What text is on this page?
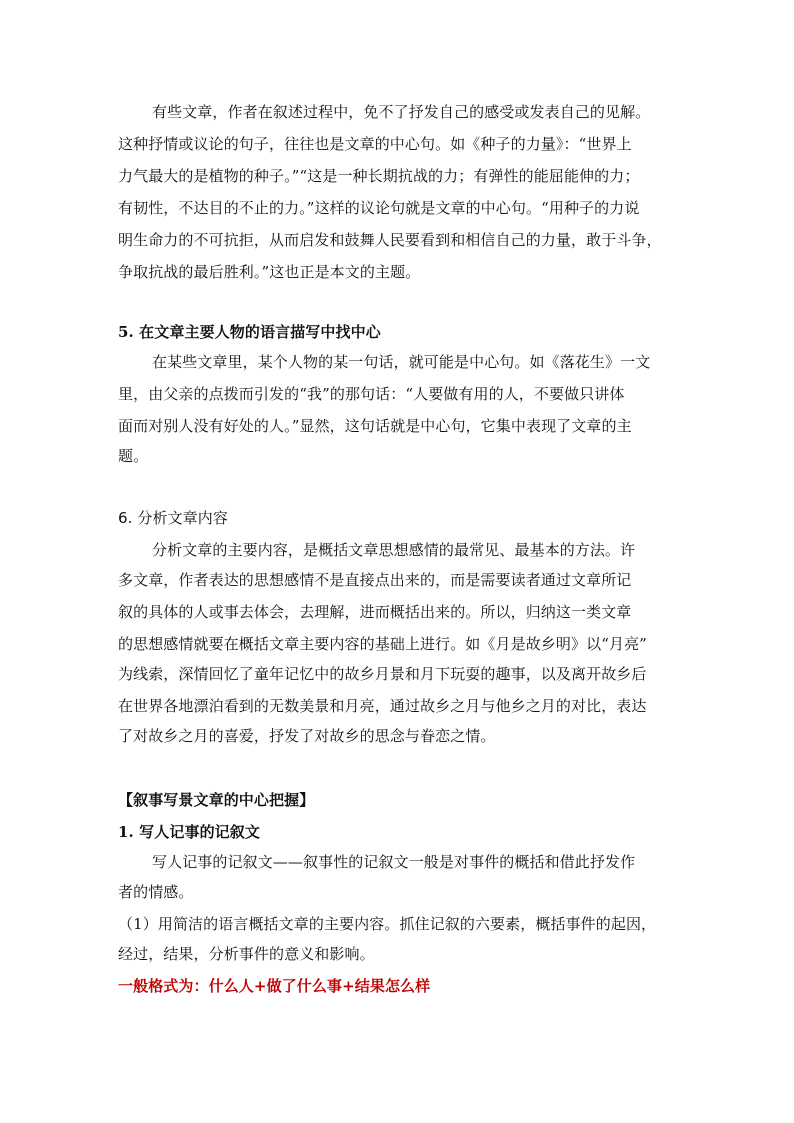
有些文章，作者在叙述过程中，免不了抒发自己的感受或发表自己的见解。
这种抒情或议论的句子，往往也是文章的中心句。如《种子的力量》：“世界上
力气最大的是植物的种子。”“这是一种长期抗战的力；有弹性的能屈能伸的力；
有韧性，不达目的不止的力。”这样的议论句就是文章的中心句。“用种子的力说
明生命力的不可抗拒，从而启发和鼓舞人民要看到和相信自己的力量，敢于斗争，
争取抗战的最后胜利。”这也正是本文的主题。
5. 在文章主要人物的语言描写中找中心
在某些文章里，某个人物的某一句话，就可能是中心句。如《落花生》一文
里，由父亲的点拨而引发的“我”的那句话：“人要做有用的人，不要做只讲体
面而对别人没有好处的人。”显然，这句话就是中心句，它集中表现了文章的主
题。
6. 分析文章内容
分析文章的主要内容，是概括文章思想感情的最常见、最基本的方法。许
多文章，作者表达的思想感情不是直接点出来的，而是需要读者通过文章所记
叙的具体的人或事去体会，去理解，进而概括出来的。所以，归纳这一类文章
的思想感情就要在概括文章主要内容的基础上进行。如《月是故乡明》以“月亮”
为线索，深情回忆了童年记忆中的故乡月景和月下玩耍的趣事，以及离开故乡后
在世界各地漂泊看到的无数美景和月亮，通过故乡之月与他乡之月的对比，表达
了对故乡之月的喜爱，抒发了对故乡的思念与眷恋之情。
【叙事写景文章的中心把握】
1. 写人记事的记叙文
写人记事的记叙文——叙事性的记叙文一般是对事件的概括和借此抒发作
者的情感。
（1）用简洁的语言概括文章的主要内容。抓住记叙的六要素，概括事件的起因，
经过，结果，分析事件的意义和影响。
一般格式为：什么人+做了什么事+结果怎么样
